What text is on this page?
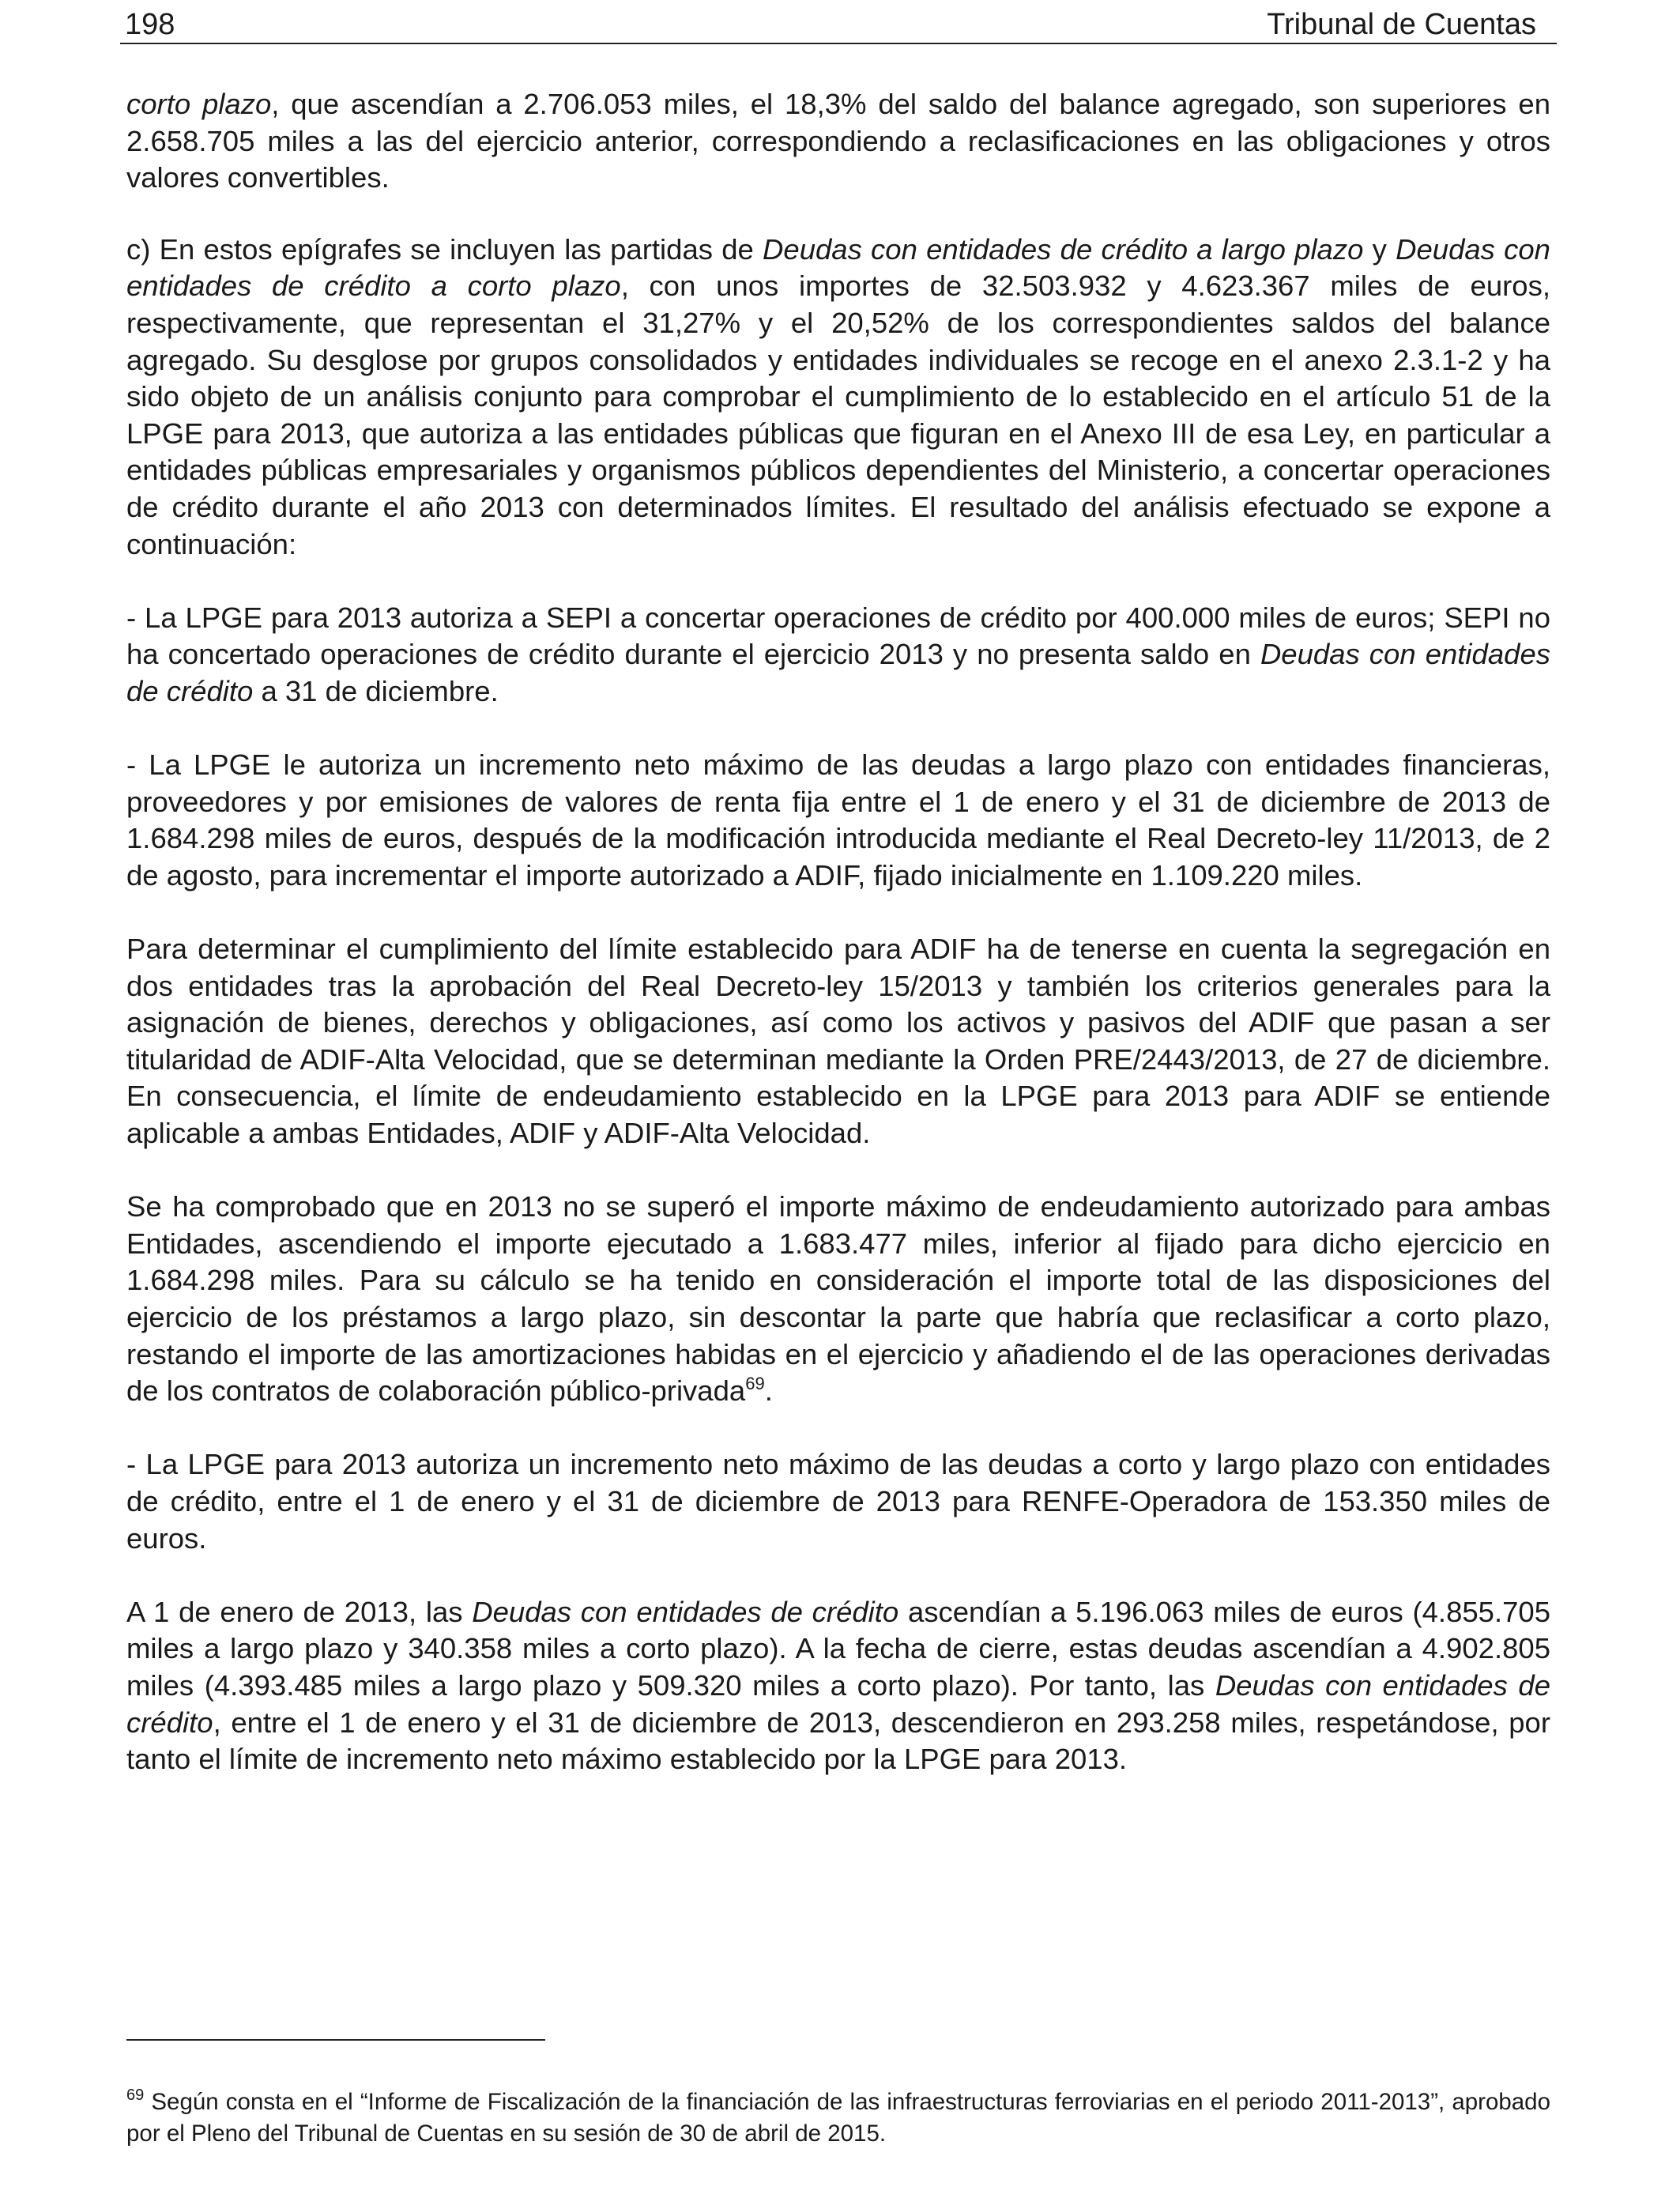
198	Tribunal de Cuentas

corto plazo, que ascendían a 2.706.053 miles, el 18,3% del saldo del balance agregado, son superiores en 2.658.705 miles a las del ejercicio anterior, correspondiendo a reclasificaciones en las obligaciones y otros valores convertibles.

c) En estos epígrafes se incluyen las partidas de Deudas con entidades de crédito a largo plazo y Deudas con entidades de crédito a corto plazo, con unos importes de 32.503.932 y 4.623.367 miles de euros, respectivamente, que representan el 31,27% y el 20,52% de los correspondientes saldos del balance agregado. Su desglose por grupos consolidados y entidades individuales se recoge en el anexo 2.3.1-2 y ha sido objeto de un análisis conjunto para comprobar el cumplimiento de lo establecido en el artículo 51 de la LPGE para 2013, que autoriza a las entidades públicas que figuran en el Anexo III de esa Ley, en particular a entidades públicas empresariales y organismos públicos dependientes del Ministerio, a concertar operaciones de crédito durante el año 2013 con determinados límites. El resultado del análisis efectuado se expone a continuación:

- La LPGE para 2013 autoriza a SEPI a concertar operaciones de crédito por 400.000 miles de euros; SEPI no ha concertado operaciones de crédito durante el ejercicio 2013 y no presenta saldo en Deudas con entidades de crédito a 31 de diciembre.

- La LPGE le autoriza un incremento neto máximo de las deudas a largo plazo con entidades financieras, proveedores y por emisiones de valores de renta fija entre el 1 de enero y el 31 de diciembre de 2013 de 1.684.298 miles de euros, después de la modificación introducida mediante el Real Decreto-ley 11/2013, de 2 de agosto, para incrementar el importe autorizado a ADIF, fijado inicialmente en 1.109.220 miles.

Para determinar el cumplimiento del límite establecido para ADIF ha de tenerse en cuenta la segregación en dos entidades tras la aprobación del Real Decreto-ley 15/2013 y también los criterios generales para la asignación de bienes, derechos y obligaciones, así como los activos y pasivos del ADIF que pasan a ser titularidad de ADIF-Alta Velocidad, que se determinan mediante la Orden PRE/2443/2013, de 27 de diciembre. En consecuencia, el límite de endeudamiento establecido en la LPGE para 2013 para ADIF se entiende aplicable a ambas Entidades, ADIF y ADIF-Alta Velocidad.

Se ha comprobado que en 2013 no se superó el importe máximo de endeudamiento autorizado para ambas Entidades, ascendiendo el importe ejecutado a 1.683.477 miles, inferior al fijado para dicho ejercicio en 1.684.298 miles. Para su cálculo se ha tenido en consideración el importe total de las disposiciones del ejercicio de los préstamos a largo plazo, sin descontar la parte que habría que reclasificar a corto plazo, restando el importe de las amortizaciones habidas en el ejercicio y añadiendo el de las operaciones derivadas de los contratos de colaboración público-privada$^{69}$.

- La LPGE para 2013 autoriza un incremento neto máximo de las deudas a corto y largo plazo con entidades de crédito, entre el 1 de enero y el 31 de diciembre de 2013 para RENFE-Operadora de 153.350 miles de euros.

A 1 de enero de 2013, las Deudas con entidades de crédito ascendían a 5.196.063 miles de euros (4.855.705 miles a largo plazo y 340.358 miles a corto plazo). A la fecha de cierre, estas deudas ascendían a 4.902.805 miles (4.393.485 miles a largo plazo y 509.320 miles a corto plazo). Por tanto, las Deudas con entidades de crédito, entre el 1 de enero y el 31 de diciembre de 2013, descendieron en 293.258 miles, respetándose, por tanto el límite de incremento neto máximo establecido por la LPGE para 2013.

$^{69}$ Según consta en el “Informe de Fiscalización de la financiación de las infraestructuras ferroviarias en el periodo 2011-2013”, aprobado por el Pleno del Tribunal de Cuentas en su sesión de 30 de abril de 2015.
